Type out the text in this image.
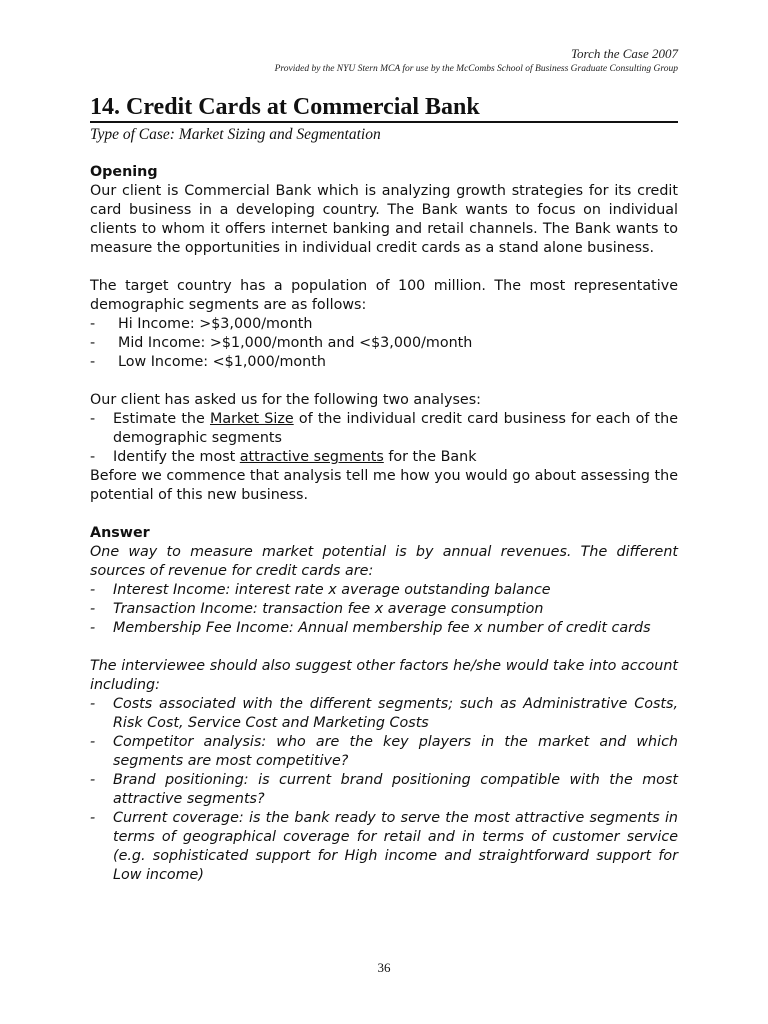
Torch the Case 2007
Provided by the NYU Stern MCA for use by the McCombs School of Business Graduate Consulting Group
14. Credit Cards at Commercial Bank
Type of Case: Market Sizing and Segmentation
Opening
Our client is Commercial Bank which is analyzing growth strategies for its credit card business in a developing country. The Bank wants to focus on individual clients to whom it offers internet banking and retail channels. The Bank wants to measure the opportunities in individual credit cards as a stand alone business.
The target country has a population of 100 million. The most representative demographic segments are as follows:
- Hi Income: >$3,000/month
- Mid Income: >$1,000/month and <$3,000/month
- Low Income: <$1,000/month
Our client has asked us for the following two analyses:
- Estimate the Market Size of the individual credit card business for each of the demographic segments
- Identify the most attractive segments for the Bank
Before we commence that analysis tell me how you would go about assessing the potential of this new business.
Answer
One way to measure market potential is by annual revenues. The different sources of revenue for credit cards are:
- Interest Income: interest rate x average outstanding balance
- Transaction Income: transaction fee x average consumption
- Membership Fee Income: Annual membership fee x number of credit cards
The interviewee should also suggest other factors he/she would take into account including:
- Costs associated with the different segments; such as Administrative Costs, Risk Cost, Service Cost and Marketing Costs
- Competitor analysis: who are the key players in the market and which segments are most competitive?
- Brand positioning: is current brand positioning compatible with the most attractive segments?
- Current coverage: is the bank ready to serve the most attractive segments in terms of geographical coverage for retail and in terms of customer service (e.g. sophisticated support for High income and straightforward support for Low income)
36
